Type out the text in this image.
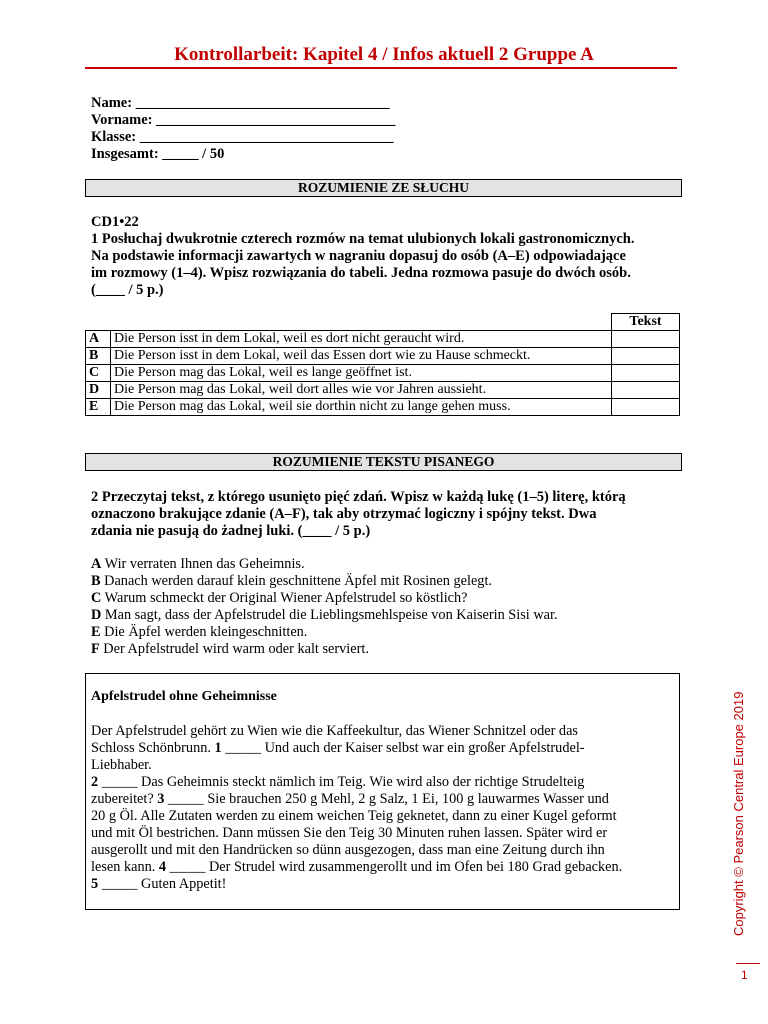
Kontrollarbeit: Kapitel 4 / Infos aktuell 2 Gruppe A
Name: ___________________________________
Vorname: _________________________________
Klasse: ___________________________________
Insgesamt: _____ / 50
ROZUMIENIE ZE SŁUCHU

CD1•22

1 Posłuchaj dwukrotnie czterech rozmów na temat ulubionych lokali gastronomicznych.

Na podstawie informacji zawartych w nagraniu dopasuj do osób (A–E) odpowiadające

im rozmowy (1–4). Wpisz rozwiązania do tabeli. Jedna rozmowa pasuje do dwóch osób.

(____ / 5 p.)

		Tekst
A	Die Person isst in dem Lokal, weil es dort nicht geraucht wird.	
B	Die Person isst in dem Lokal, weil das Essen dort wie zu Hause schmeckt.	
C	Die Person mag das Lokal, weil es lange geöffnet ist.	
D	Die Person mag das Lokal, weil dort alles wie vor Jahren aussieht.	
E	Die Person mag das Lokal, weil sie dorthin nicht zu lange gehen muss.	
ROZUMIENIE TEKSTU PISANEGO

2 Przeczytaj tekst, z którego usunięto pięć zdań. Wpisz w każdą lukę (1–5) literę, którą

oznaczono brakujące zdanie (A–F), tak aby otrzymać logiczny i spójny tekst. Dwa

zdania nie pasują do żadnej luki. (____ / 5 p.)

A Wir verraten Ihnen das Geheimnis.
B Danach werden darauf klein geschnittene Äpfel mit Rosinen gelegt.
C Warum schmeckt der Original Wiener Apfelstrudel so köstlich?
D Man sagt, dass der Apfelstrudel die Lieblingsmehlspeise von Kaiserin Sisi war.
E Die Äpfel werden kleingeschnitten.
F Der Apfelstrudel wird warm oder kalt serviert.
Apfelstrudel ohne Geheimnisse
Der Apfelstrudel gehört zu Wien wie die Kaffeekultur, das Wiener Schnitzel oder das
Schloss Schönbrunn. 1 _____ Und auch der Kaiser selbst war ein großer Apfelstrudel-
Liebhaber.
2 _____ Das Geheimnis steckt nämlich im Teig. Wie wird also der richtige Strudelteig
zubereitet? 3 _____ Sie brauchen 250 g Mehl, 2 g Salz, 1 Ei, 100 g lauwarmes Wasser und
20 g Öl. Alle Zutaten werden zu einem weichen Teig geknetet, dann zu einer Kugel geformt
und mit Öl bestrichen. Dann müssen Sie den Teig 30 Minuten ruhen lassen. Später wird er
ausgerollt und mit den Handrücken so dünn ausgezogen, dass man eine Zeitung durch ihn
lesen kann. 4 _____ Der Strudel wird zusammengerollt und im Ofen bei 180 Grad gebacken.
5 _____ Guten Appetit!	Copyright © Pearson Central Europe 2019
1
